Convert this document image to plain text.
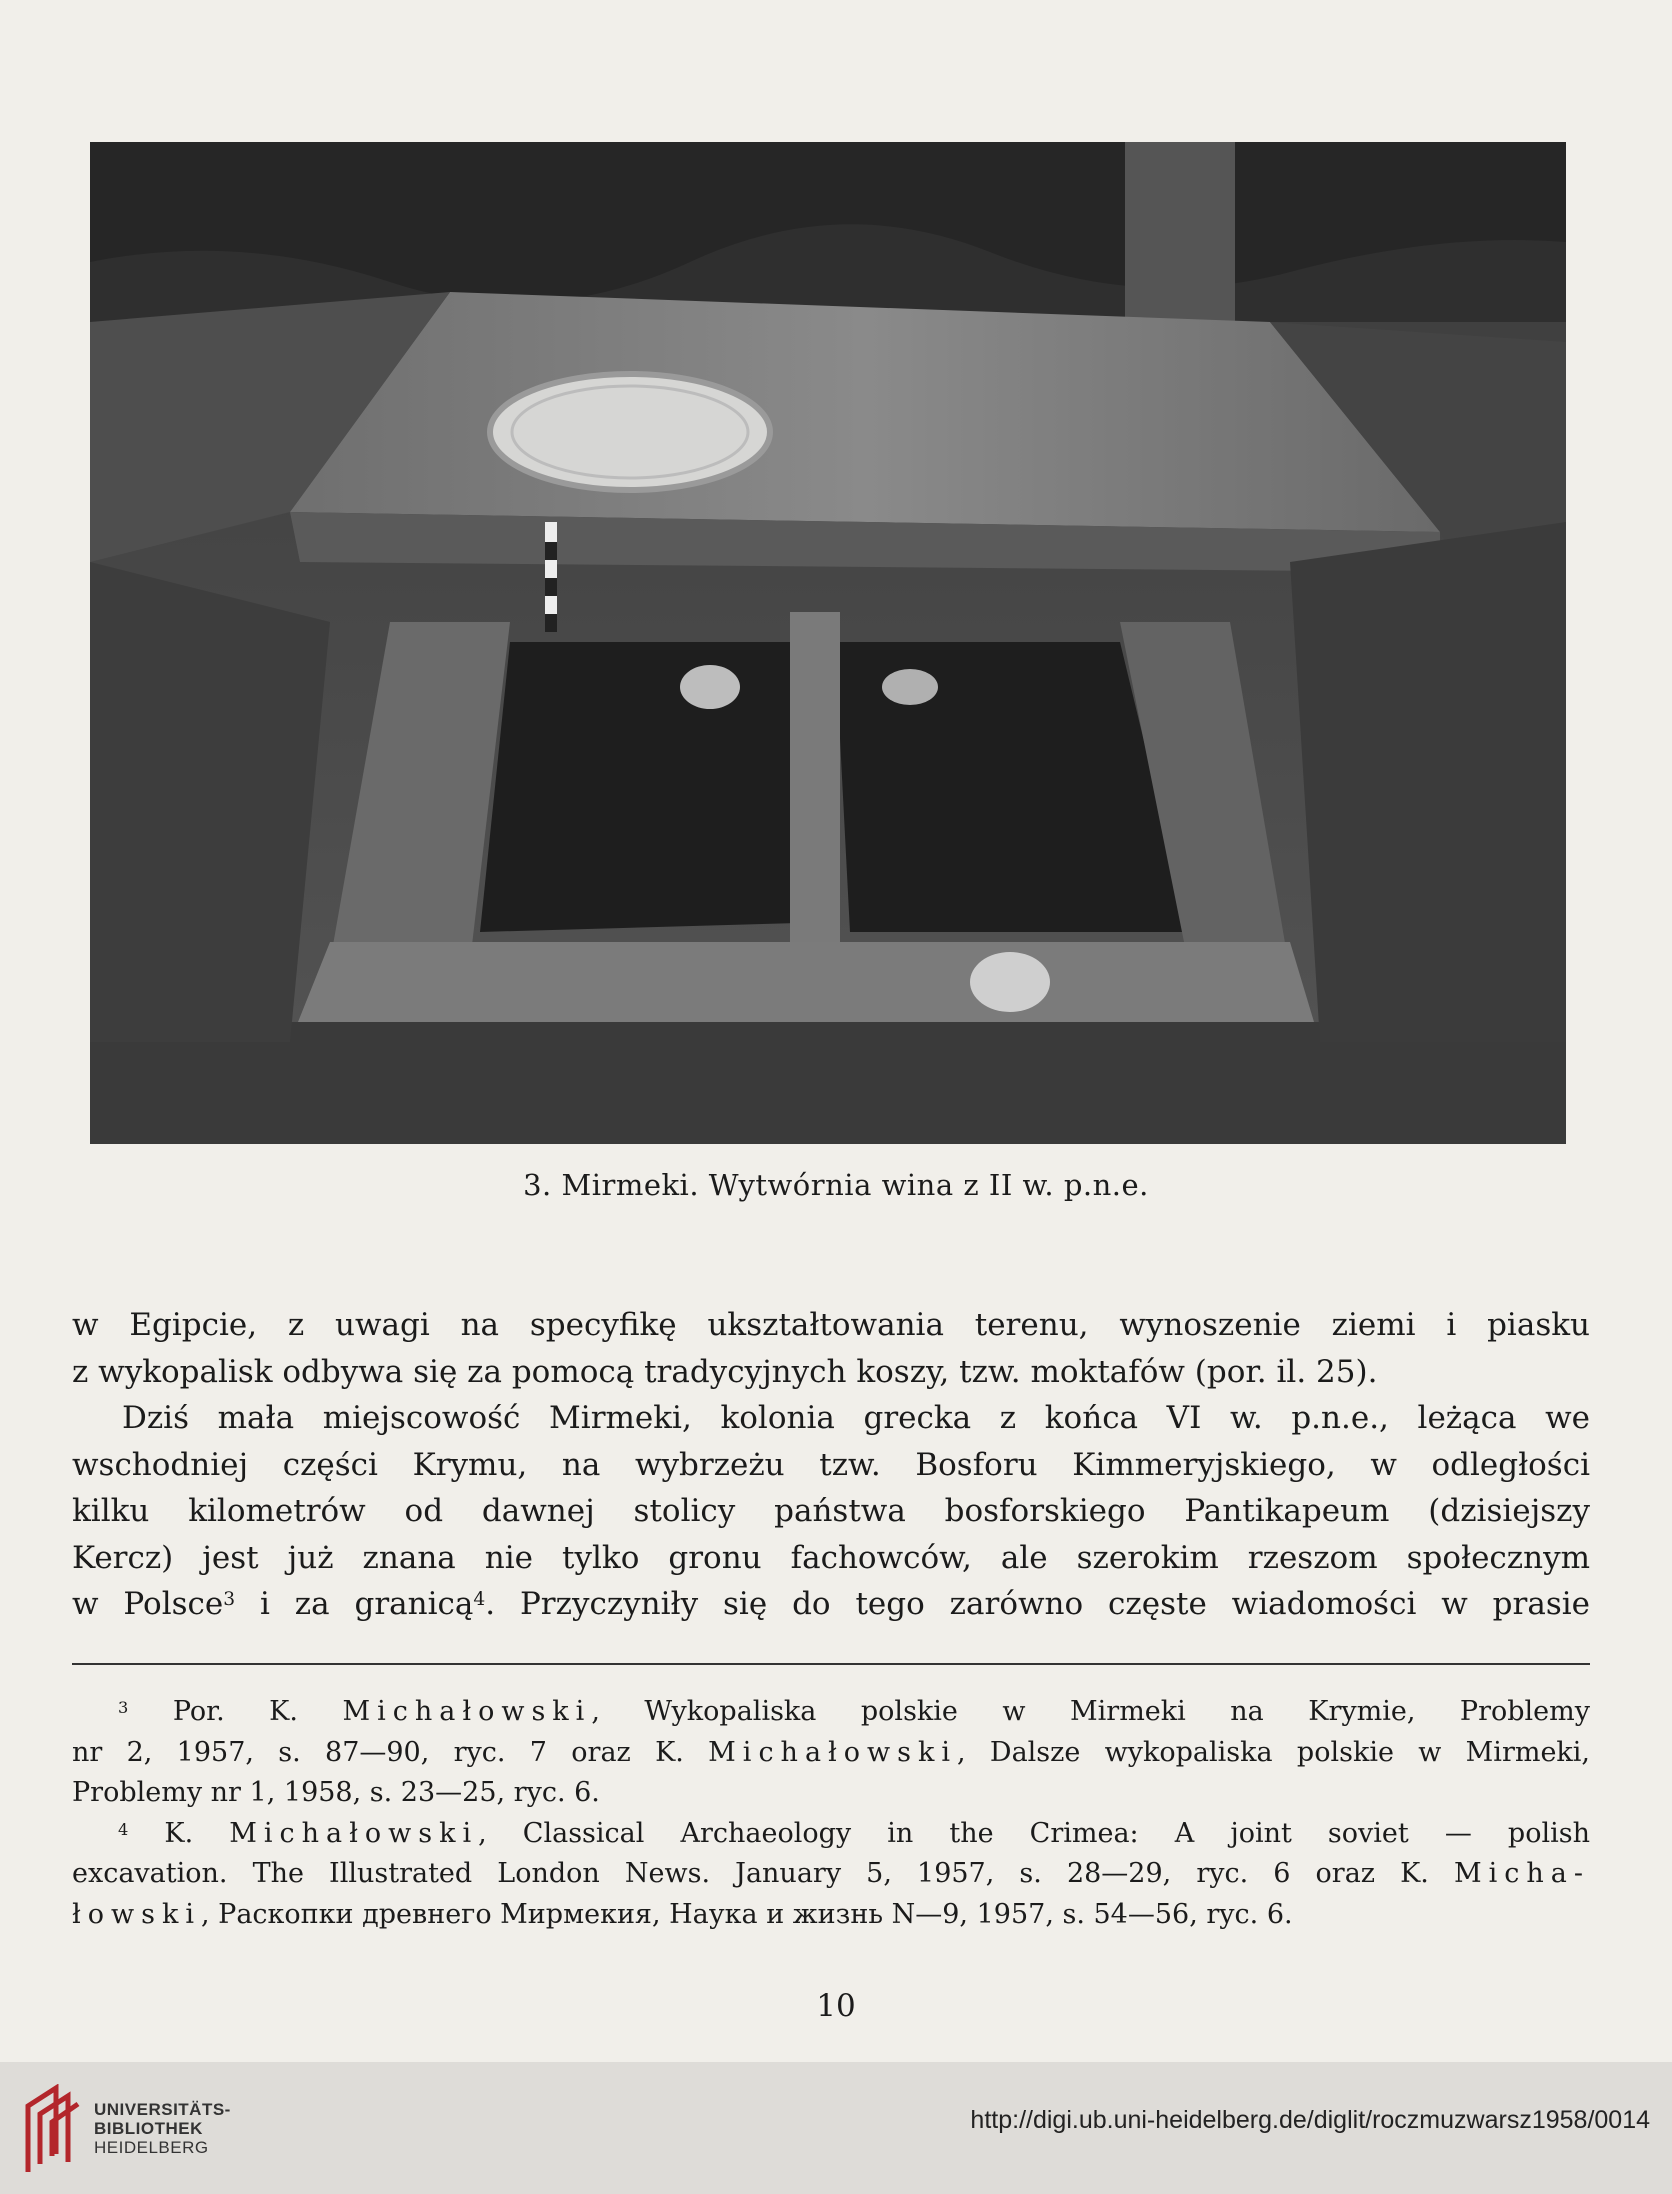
3. Mirmeki. Wytwórnia wina z II w. p.n.e.

w Egipcie, z uwagi na specyfikę ukształtowania terenu, wynoszenie ziemi i piasku

z wykopalisk odbywa się za pomocą tradycyjnych koszy, tzw. moktafów (por. il. 25).

Dziś mała miejscowość Mirmeki, kolonia grecka z końca VI w. p.n.e., leżąca we

wschodniej części Krymu, na wybrzeżu tzw. Bosforu Kimmeryjskiego, w odległości

kilku kilometrów od dawnej stolicy państwa bosforskiego Pantikapeum (dzisiejszy

Kercz) jest już znana nie tylko gronu fachowców, ale szerokim rzeszom społecznym

w Polsce$^3$ i za granicą$^4$. Przyczyniły się do tego zarówno częste wiadomości w prasie

$^3$ Por. K. Michałowski, Wykopaliska polskie w Mirmeki na Krymie, Problemy
nr 2, 1957, s. 87—90, ryc. 7 oraz K. Michałowski, Dalsze wykopaliska polskie w Mirmeki,
Problemy nr 1, 1958, s. 23—25, ryc. 6.
$^4$ K. Michałowski, Classical Archaeology in the Crimea: A joint soviet — polish
excavation. The Illustrated London News. January 5, 1957, s. 28—29, ryc. 6 oraz K. Micha-
łowski, Раскопки древнего Мирмекия, Наука и жизнь N—9, 1957, s. 54—56, ryc. 6.
10
UNIVERSITÄTS-
BIBLIOTHEK
HEIDELBERG
http://digi.ub.uni-heidelberg.de/diglit/roczmuzwarsz1958/0014
